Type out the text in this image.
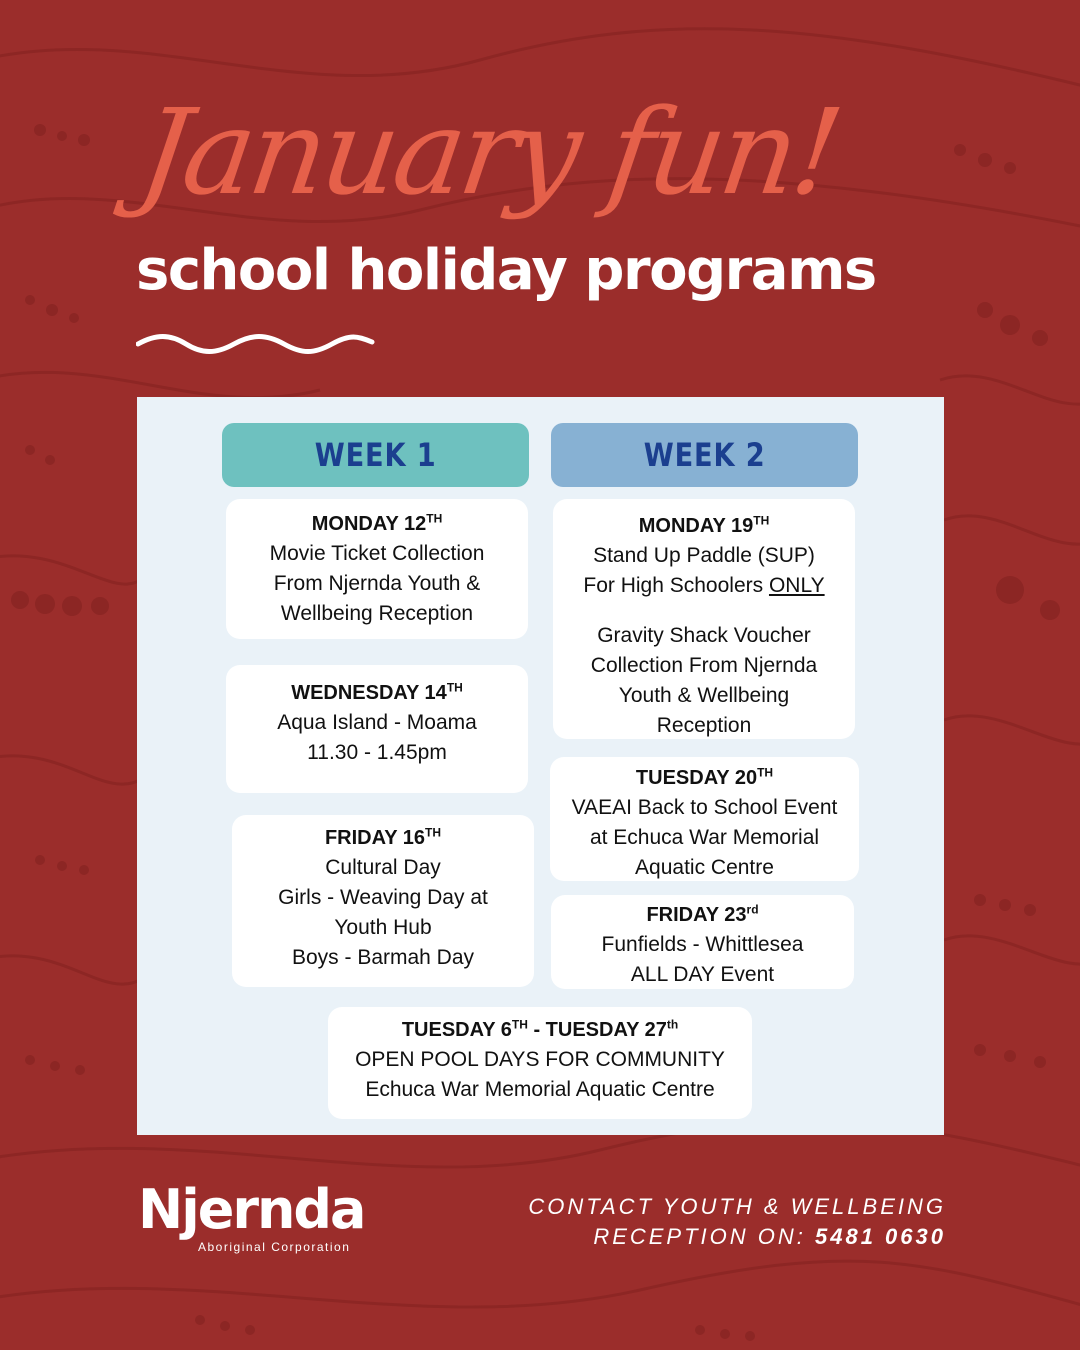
January fun!
school holiday programs
WEEK 1	WEEK 2
MONDAY 12TH
Movie Ticket Collection
From Njernda Youth &
Wellbeing Reception
WEDNESDAY 14TH
Aqua Island - Moama
11.30 - 1.45pm
FRIDAY 16TH
Cultural Day
Girls - Weaving Day at
Youth Hub
Boys - Barmah Day
MONDAY 19TH
Stand Up Paddle (SUP)
For High Schoolers ONLY
Gravity Shack Voucher
Collection From Njernda
Youth & Wellbeing
Reception
TUESDAY 20TH
VAEAI Back to School Event
at Echuca War Memorial
Aquatic Centre
FRIDAY 23rd
Funfields - Whittlesea
ALL DAY Event
TUESDAY 6TH - TUESDAY 27th
OPEN POOL DAYS FOR COMMUNITY
Echuca War Memorial Aquatic Centre
Njernda
Aboriginal Corporation
CONTACT YOUTH & WELLBEING
RECEPTION ON: 5481 0630
